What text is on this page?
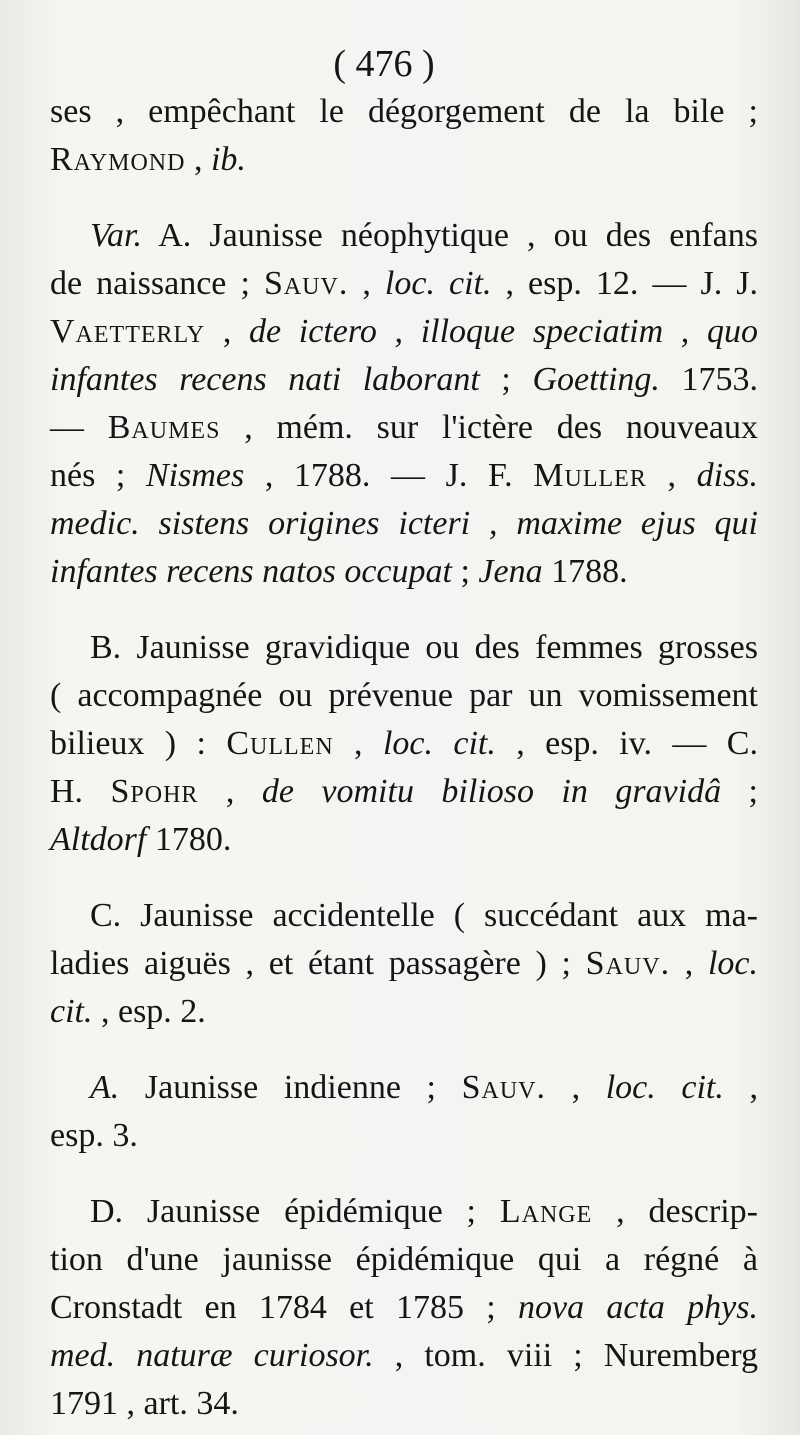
( 476 )
ses , empêchant le dégorgement de la bile ;
Raymond , ib.
Var. A. Jaunisse néophytique , ou des enfans
de naissance ; Sauv. , loc. cit. , esp. 12. — J. J.
Vaetterly , de ictero , illoque speciatim , quo
infantes recens nati laborant ; Goetting. 1753.
— Baumes , mém. sur l'ictère des nouveaux
nés ; Nismes , 1788. — J. F. Muller , diss.
medic. sistens origines icteri , maxime ejus qui
infantes recens natos occupat ; Jena 1788.
B. Jaunisse gravidique ou des femmes grosses
( accompagnée ou prévenue par un vomissement
bilieux ) : Cullen , loc. cit. , esp. iv. — C.
H. Spohr , de vomitu bilioso in gravidâ ;
Altdorf 1780.
C. Jaunisse accidentelle ( succédant aux ma-
ladies aiguës , et étant passagère ) ; Sauv. , loc.
cit. , esp. 2.
A. Jaunisse indienne ; Sauv. , loc. cit. ,
esp. 3.
D. Jaunisse épidémique ; Lange , descrip-
tion d'une jaunisse épidémique qui a régné à
Cronstadt en 1784 et 1785 ; nova acta phys.
med. naturæ curiosor. , tom. viii ; Nuremberg
1791 , art. 34.
